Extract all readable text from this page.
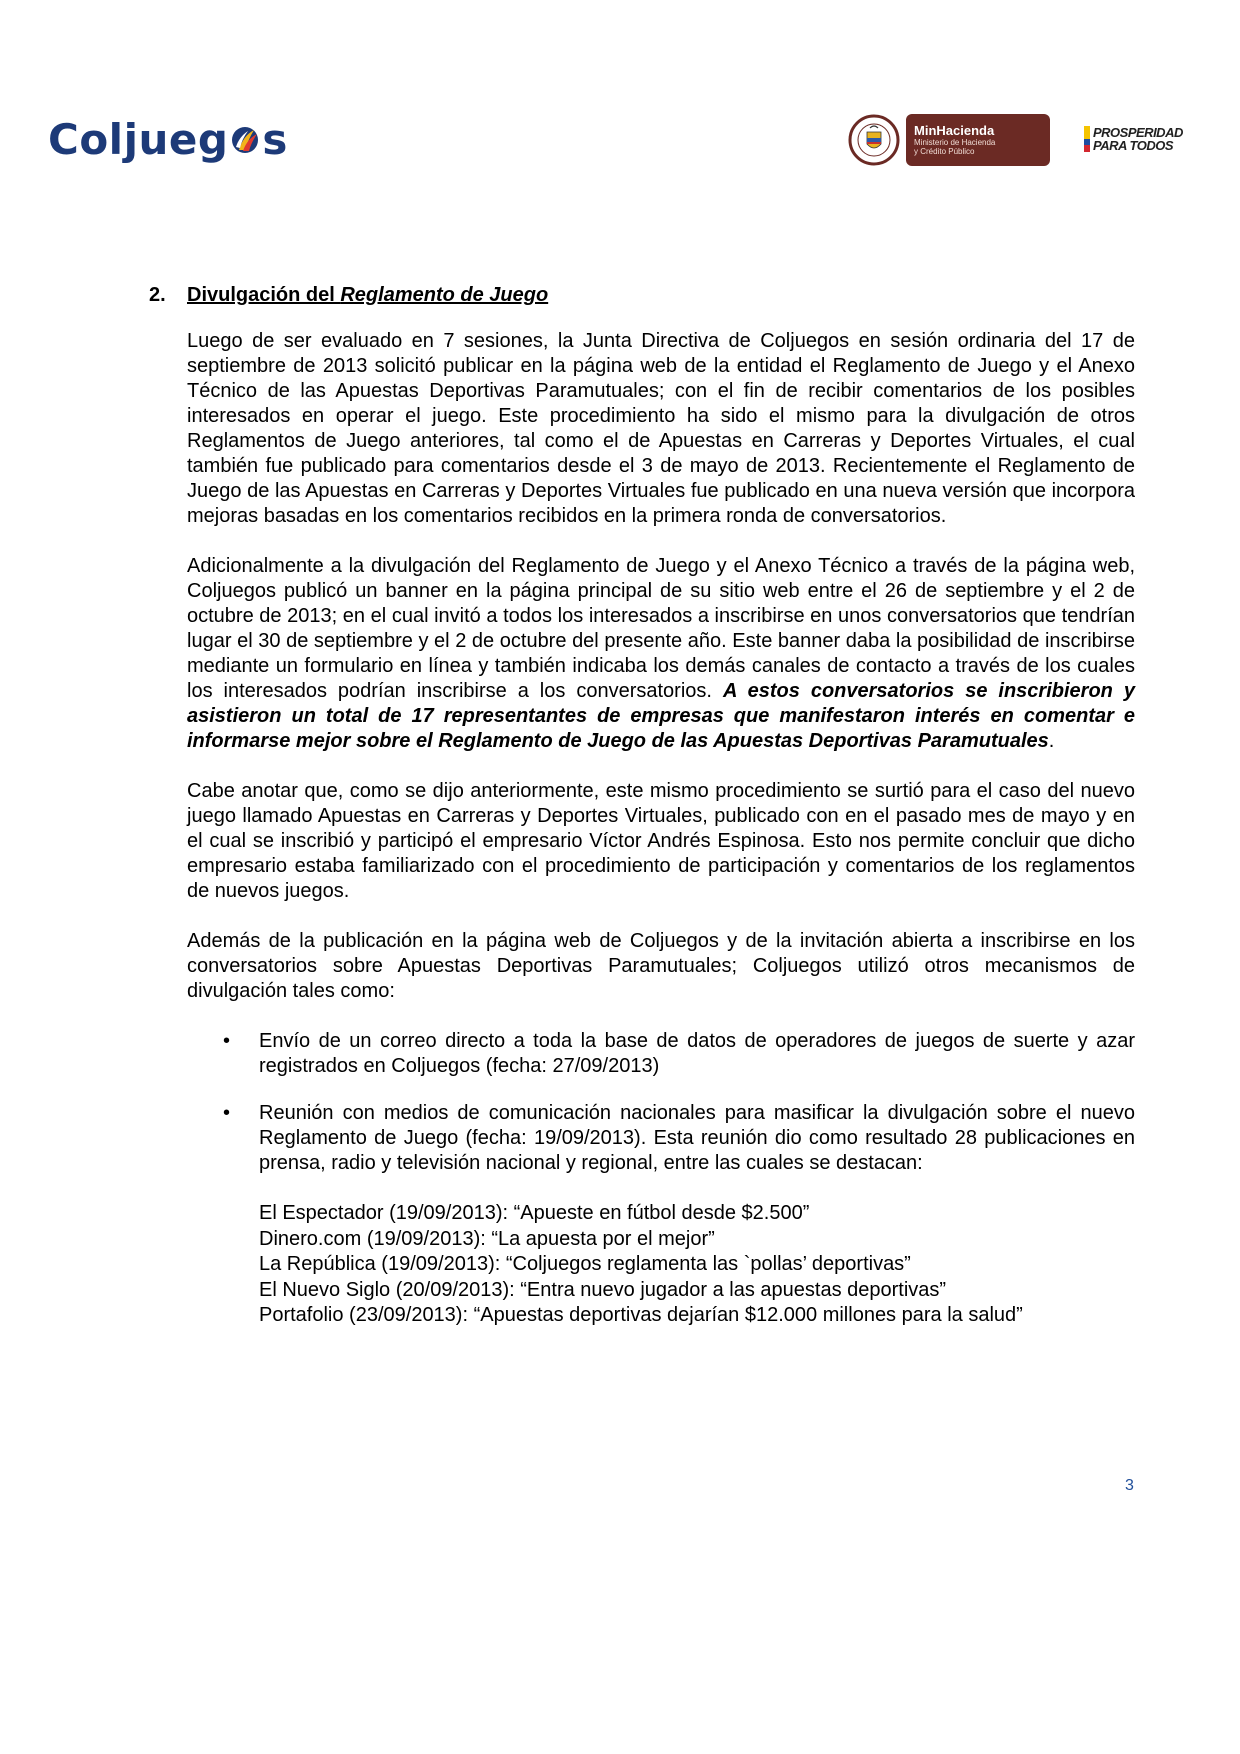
Coljueg s	MinHacienda
Ministerio de Hacienda
y Crédito Público
PROSPERIDAD
PARA TODOS
2.	Divulgación del Reglamento de Juego

Luego de ser evaluado en 7 sesiones, la Junta Directiva de Coljuegos en sesión ordinaria del 17 de septiembre de 2013 solicitó publicar en la página web de la entidad el Reglamento de Juego y el Anexo Técnico de las Apuestas Deportivas Paramutuales; con el fin de recibir comentarios de los posibles interesados en operar el juego. Este procedimiento ha sido el mismo para la divulgación de otros Reglamentos de Juego anteriores, tal como el de Apuestas en Carreras y Deportes Virtuales, el cual también fue publicado para comentarios desde el 3 de mayo de 2013. Recientemente el Reglamento de Juego de las Apuestas en Carreras y Deportes Virtuales fue publicado en una nueva versión que incorpora mejoras basadas en los comentarios recibidos en la primera ronda de conversatorios.

Adicionalmente a la divulgación del Reglamento de Juego y el Anexo Técnico a través de la página web, Coljuegos publicó un banner en la página principal de su sitio web entre el 26 de septiembre y el 2 de octubre de 2013; en el cual invitó a todos los interesados a inscribirse en unos conversatorios que tendrían lugar el 30 de septiembre y el 2 de octubre del presente año. Este banner daba la posibilidad de inscribirse mediante un formulario en línea y también indicaba los demás canales de contacto a través de los cuales los interesados podrían inscribirse a los conversatorios. A estos conversatorios se inscribieron y asistieron un total de 17 representantes de empresas que manifestaron interés en comentar e informarse mejor sobre el Reglamento de Juego de las Apuestas Deportivas Paramutuales.

Cabe anotar que, como se dijo anteriormente, este mismo procedimiento se surtió para el caso del nuevo juego llamado Apuestas en Carreras y Deportes Virtuales, publicado con en el pasado mes de mayo y en el cual se inscribió y participó el empresario Víctor Andrés Espinosa. Esto nos permite concluir que dicho empresario estaba familiarizado con el procedimiento de participación y comentarios de los reglamentos de nuevos juegos.

Además de la publicación en la página web de Coljuegos y de la invitación abierta a inscribirse en los conversatorios sobre Apuestas Deportivas Paramutuales; Coljuegos utilizó otros mecanismos de divulgación tales como:

• Envío de un correo directo a toda la base de datos de operadores de juegos de suerte y azar registrados en Coljuegos (fecha: 27/09/2013)
• Reunión con medios de comunicación nacionales para masificar la divulgación sobre el nuevo Reglamento de Juego (fecha: 19/09/2013). Esta reunión dio como resultado 28 publicaciones en prensa, radio y televisión nacional y regional, entre las cuales se destacan:
El Espectador (19/09/2013): “Apueste en fútbol desde $2.500”
Dinero.com (19/09/2013): “La apuesta por el mejor”
La República (19/09/2013): “Coljuegos reglamenta las `pollas’ deportivas”
El Nuevo Siglo (20/09/2013): “Entra nuevo jugador a las apuestas deportivas”
Portafolio (23/09/2013): “Apuestas deportivas dejarían $12.000 millones para la salud”
3
